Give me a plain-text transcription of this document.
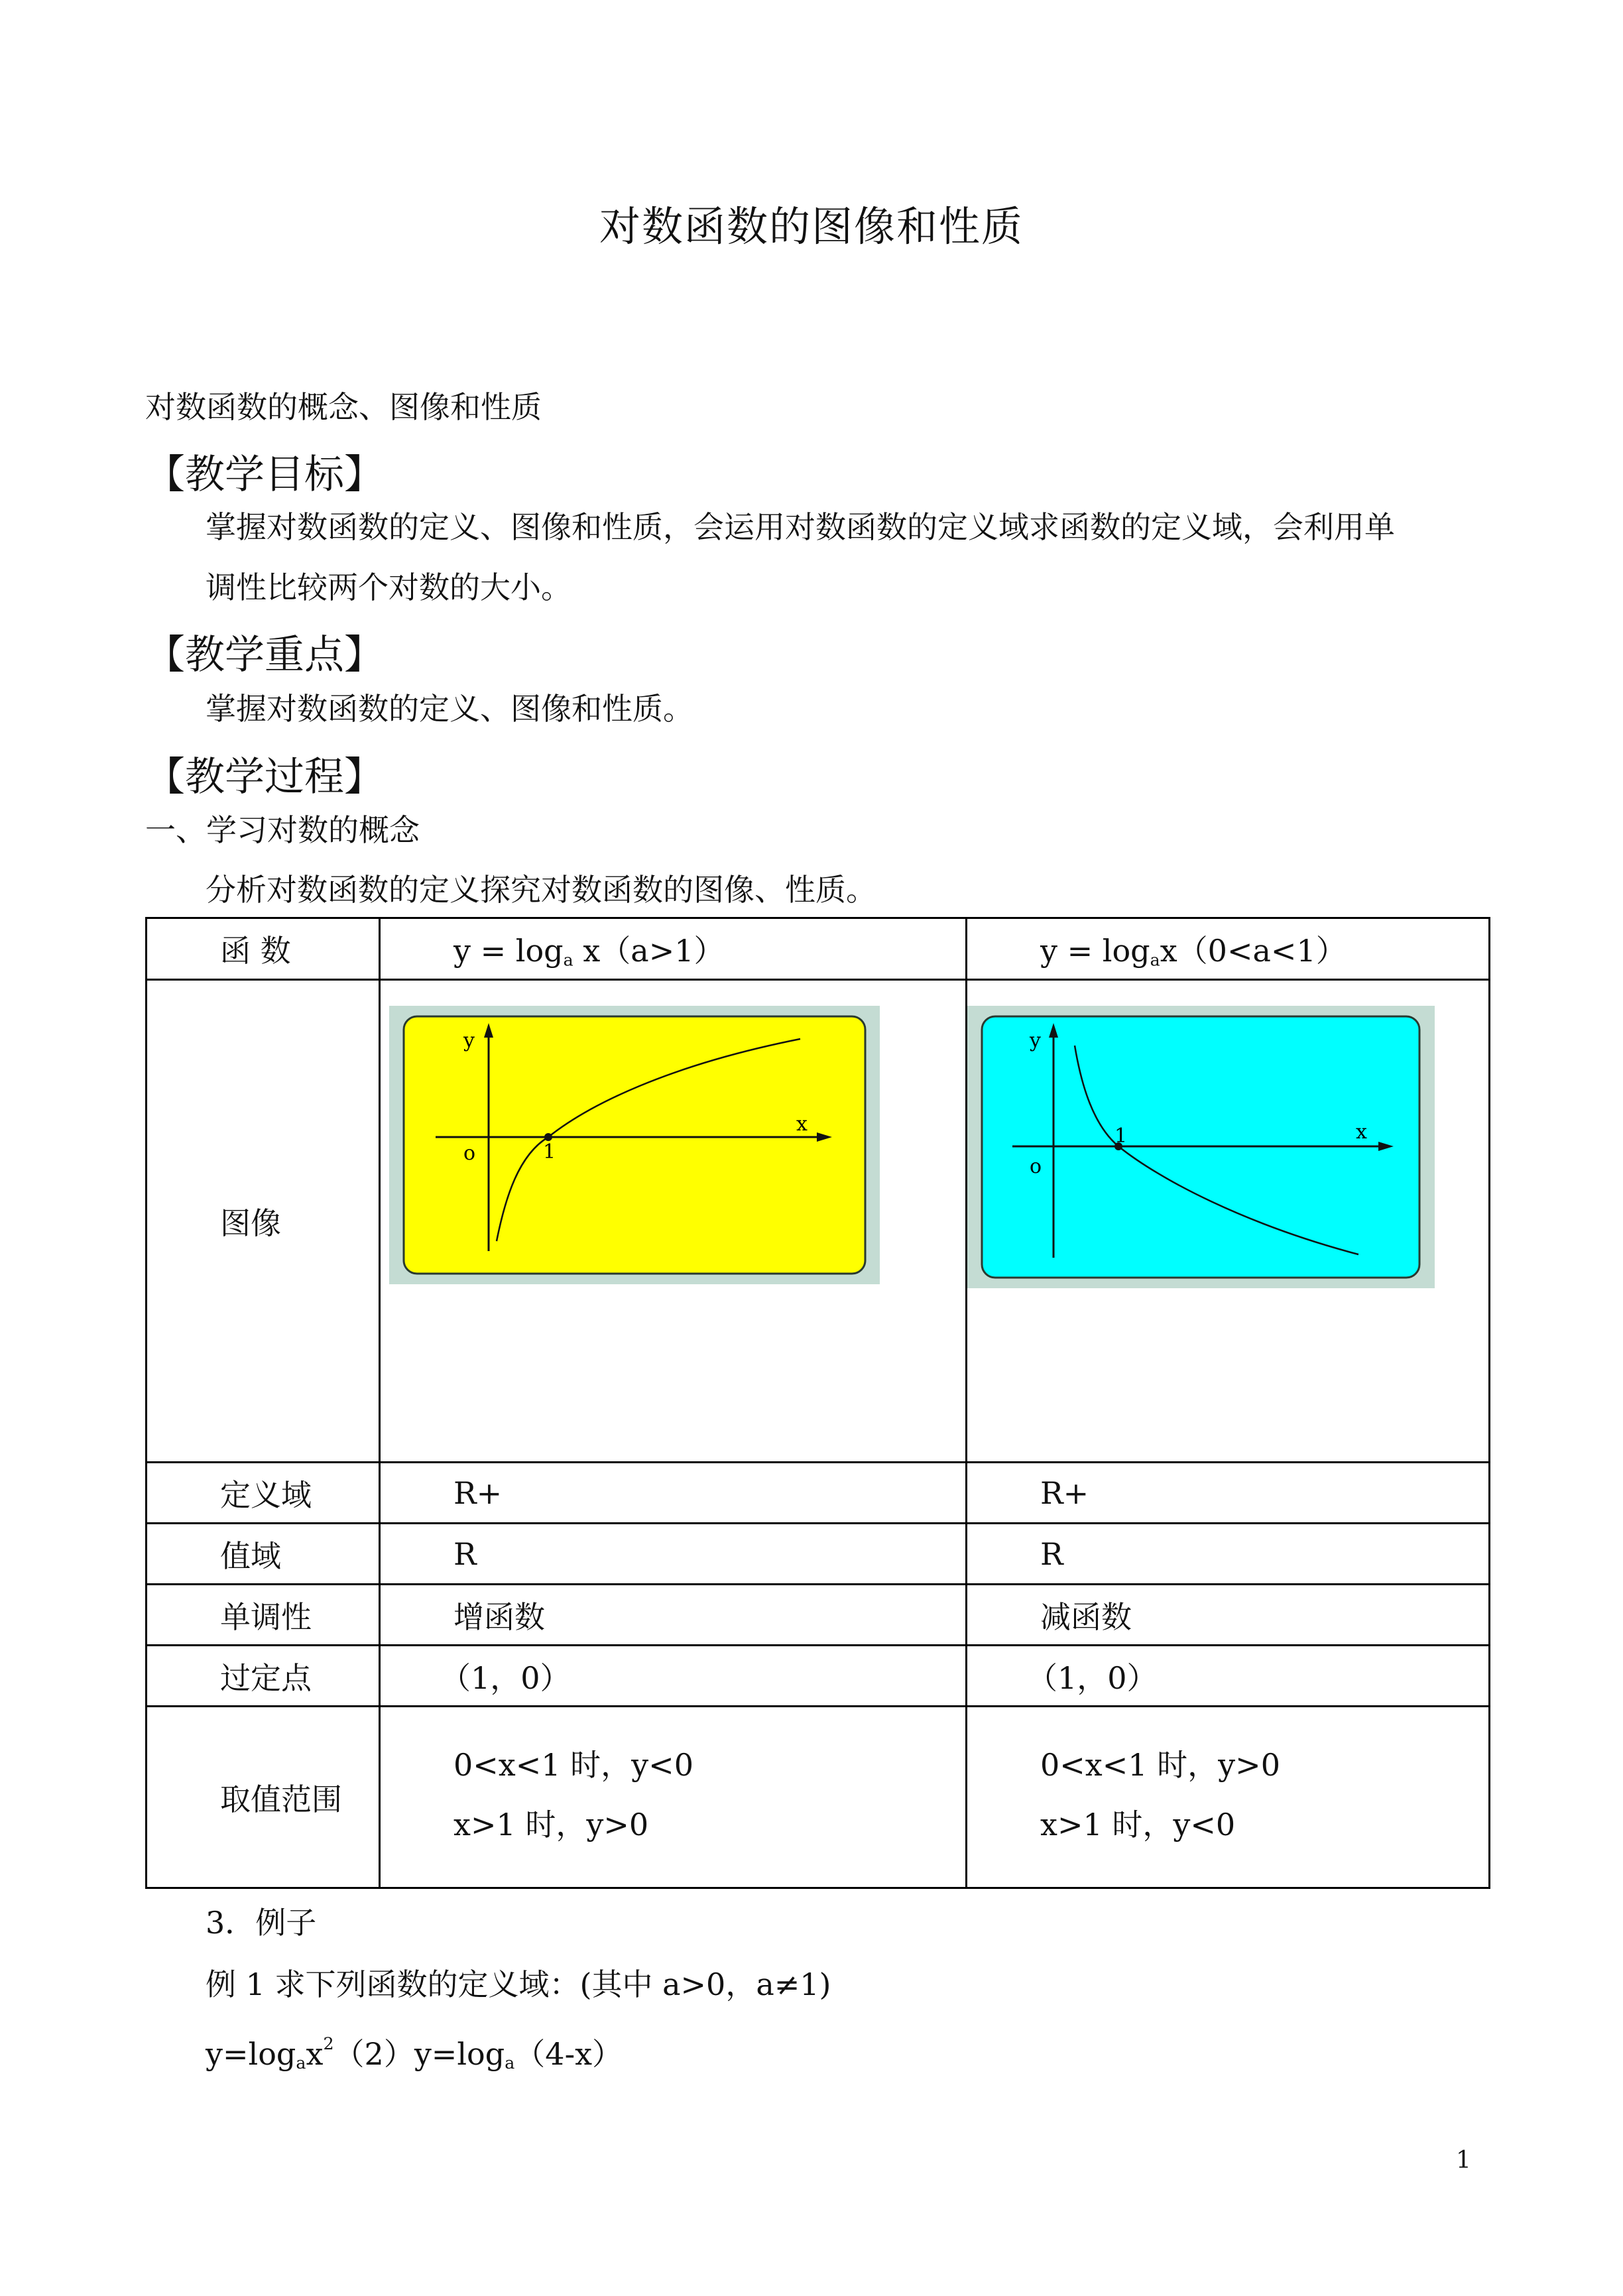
对数函数的图像和性质
对数函数的概念、图像和性质
【教学目标】
掌握对数函数的定义、图像和性质，会运用对数函数的定义域求函数的定义域，会利用单
调性比较两个对数的大小。
【教学重点】
掌握对数函数的定义、图像和性质。
【教学过程】
一、学习对数的概念
分析对数函数的定义探究对数函数的图像、性质。
函 数	$y = \log_a x(a>1)$	$y = \log_ax(0<a<1)$

图像	y
x
o 1	y
x
o
1

定义域	R+	R+

值域	R	R

单调性	增函数	减函数

过定点	（1，0）	（1，0）

取值范围	0<x<1 时，y<0
x>1 时，y>0	0<x<1 时，y>0
x>1 时，y<0
3．例子
例 1 求下列函数的定义域：(其中 a>0，a≠1)
$y=\log_ax^2(2)y=\log_a(4-x)$
1
